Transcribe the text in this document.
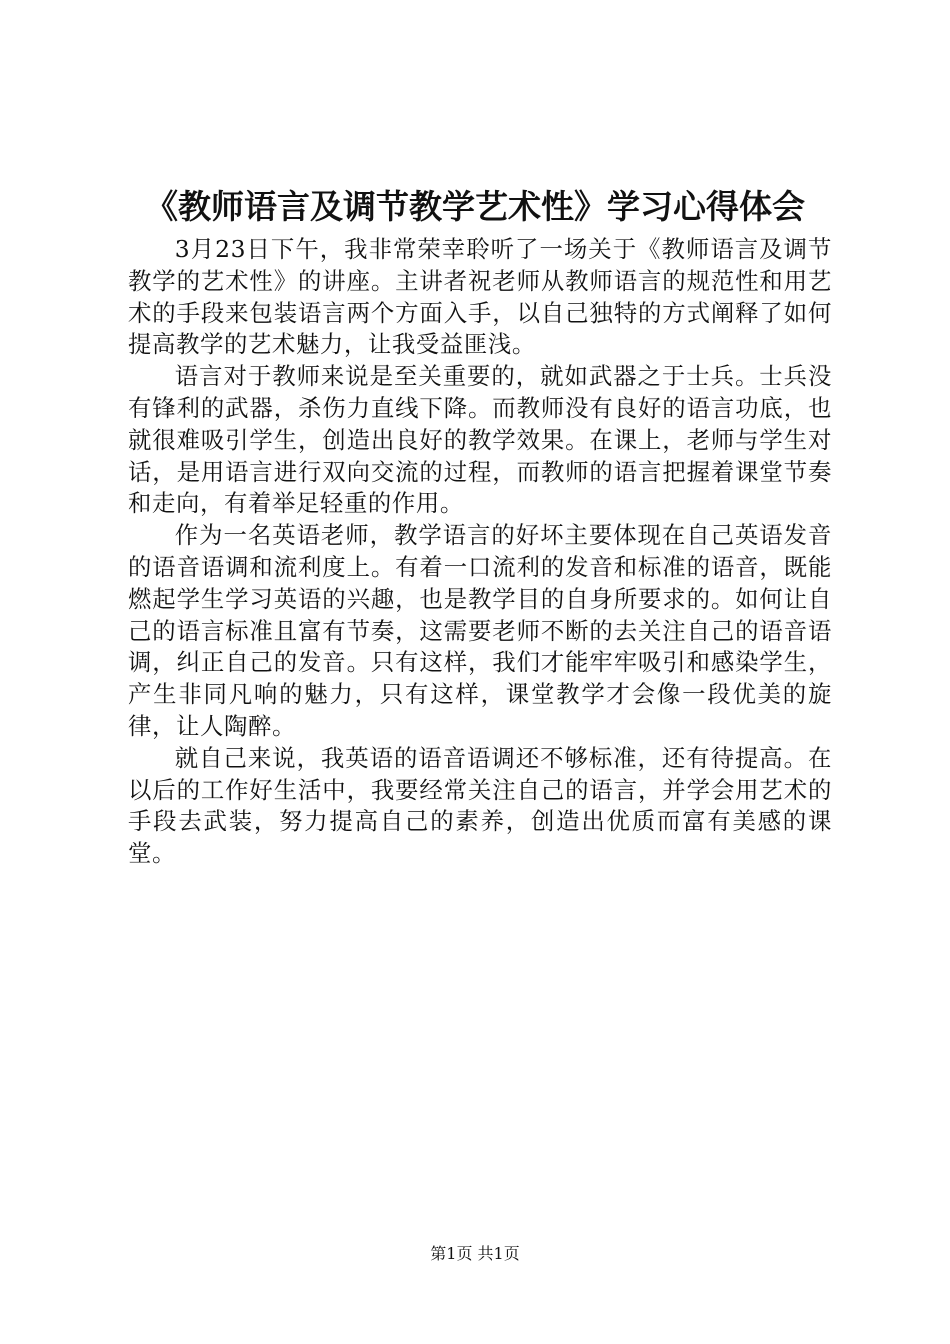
《教师语言及调节教学艺术性》学习心得体会

3月23日下午，我非常荣幸聆听了一场关于《教师语言及调节教学的艺术性》的讲座。主讲者祝老师从教师语言的规范性和用艺术的手段来包装语言两个方面入手，以自己独特的方式阐释了如何提高教学的艺术魅力，让我受益匪浅。

语言对于教师来说是至关重要的，就如武器之于士兵。士兵没有锋利的武器，杀伤力直线下降。而教师没有良好的语言功底，也就很难吸引学生，创造出良好的教学效果。在课上，老师与学生对话，是用语言进行双向交流的过程，而教师的语言把握着课堂节奏和走向，有着举足轻重的作用。

作为一名英语老师，教学语言的好坏主要体现在自己英语发音的语音语调和流利度上。有着一口流利的发音和标准的语音，既能燃起学生学习英语的兴趣，也是教学目的自身所要求的。如何让自己的语言标准且富有节奏，这需要老师不断的去关注自己的语音语调，纠正自己的发音。只有这样，我们才能牢牢吸引和感染学生，产生非同凡响的魅力，只有这样，课堂教学才会像一段优美的旋律，让人陶醉。

就自己来说，我英语的语音语调还不够标准，还有待提高。在以后的工作好生活中，我要经常关注自己的语言，并学会用艺术的手段去武装，努力提高自己的素养，创造出优质而富有美感的课堂。

第1页 共1页
